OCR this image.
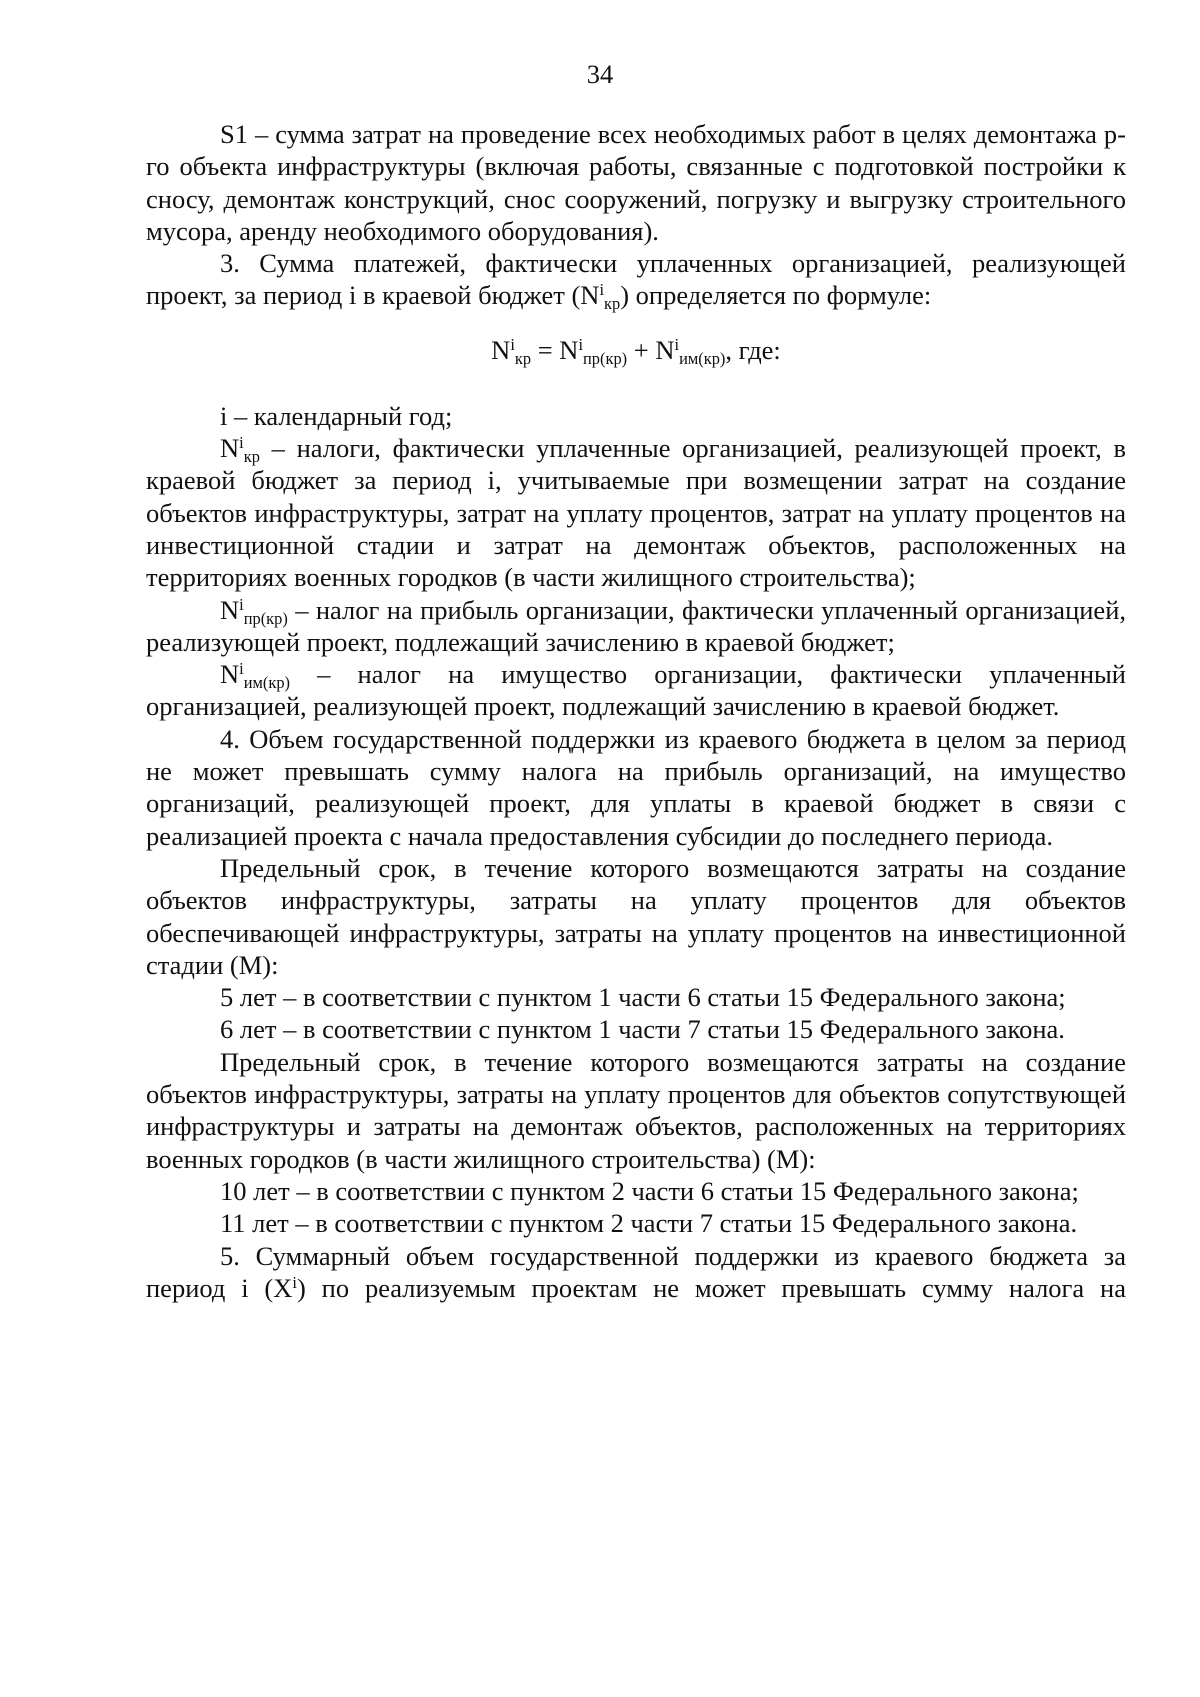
34

S1 – сумма затрат на проведение всех необходимых работ в целях демонтажа p-го объекта инфраструктуры (включая работы, связанные с подготовкой постройки к сносу, демонтаж конструкций, снос сооружений, погрузку и выгрузку строительного мусора, аренду необходимого оборудования).

3. Сумма платежей, фактически уплаченных организацией, реализующей проект, за период i в краевой бюджет $(N^i_{кр})$ определяется по формуле:

$N^i_{кр} = N^i_{пр(кр)} + N^i_{им(кр)}$, где:

i – календарный год;

$N^i_{кр}$ – налоги, фактически уплаченные организацией, реализующей проект, в краевой бюджет за период i, учитываемые при возмещении затрат на создание объектов инфраструктуры, затрат на уплату процентов, затрат на уплату процентов на инвестиционной стадии и затрат на демонтаж объектов, расположенных на территориях военных городков (в части жилищного строительства);

$N^i_{пр(кр)}$ – налог на прибыль организации, фактически уплаченный организацией, реализующей проект, подлежащий зачислению в краевой бюджет;

$N^i_{им(кр)}$ – налог на имущество организации, фактически уплаченный организацией, реализующей проект, подлежащий зачислению в краевой бюджет.

4. Объем государственной поддержки из краевого бюджета в целом за период не может превышать сумму налога на прибыль организаций, на имущество организаций, реализующей проект, для уплаты в краевой бюджет в связи с реализацией проекта с начала предоставления субсидии до последнего периода.

Предельный срок, в течение которого возмещаются затраты на создание объектов инфраструктуры, затраты на уплату процентов для объектов обеспечивающей инфраструктуры, затраты на уплату процентов на инвестиционной стадии (M):

5 лет – в соответствии с пунктом 1 части 6 статьи 15 Федерального закона;

6 лет – в соответствии с пунктом 1 части 7 статьи 15 Федерального закона.

Предельный срок, в течение которого возмещаются затраты на создание объектов инфраструктуры, затраты на уплату процентов для объектов сопутствующей инфраструктуры и затраты на демонтаж объектов, расположенных на территориях военных городков (в части жилищного строительства) (M):

10 лет – в соответствии с пунктом 2 части 6 статьи 15 Федерального закона;

11 лет – в соответствии с пунктом 2 части 7 статьи 15 Федерального закона.

5. Суммарный объем государственной поддержки из краевого бюджета за период i $(X^i)$ по реализуемым проектам не может превышать сумму налога на
